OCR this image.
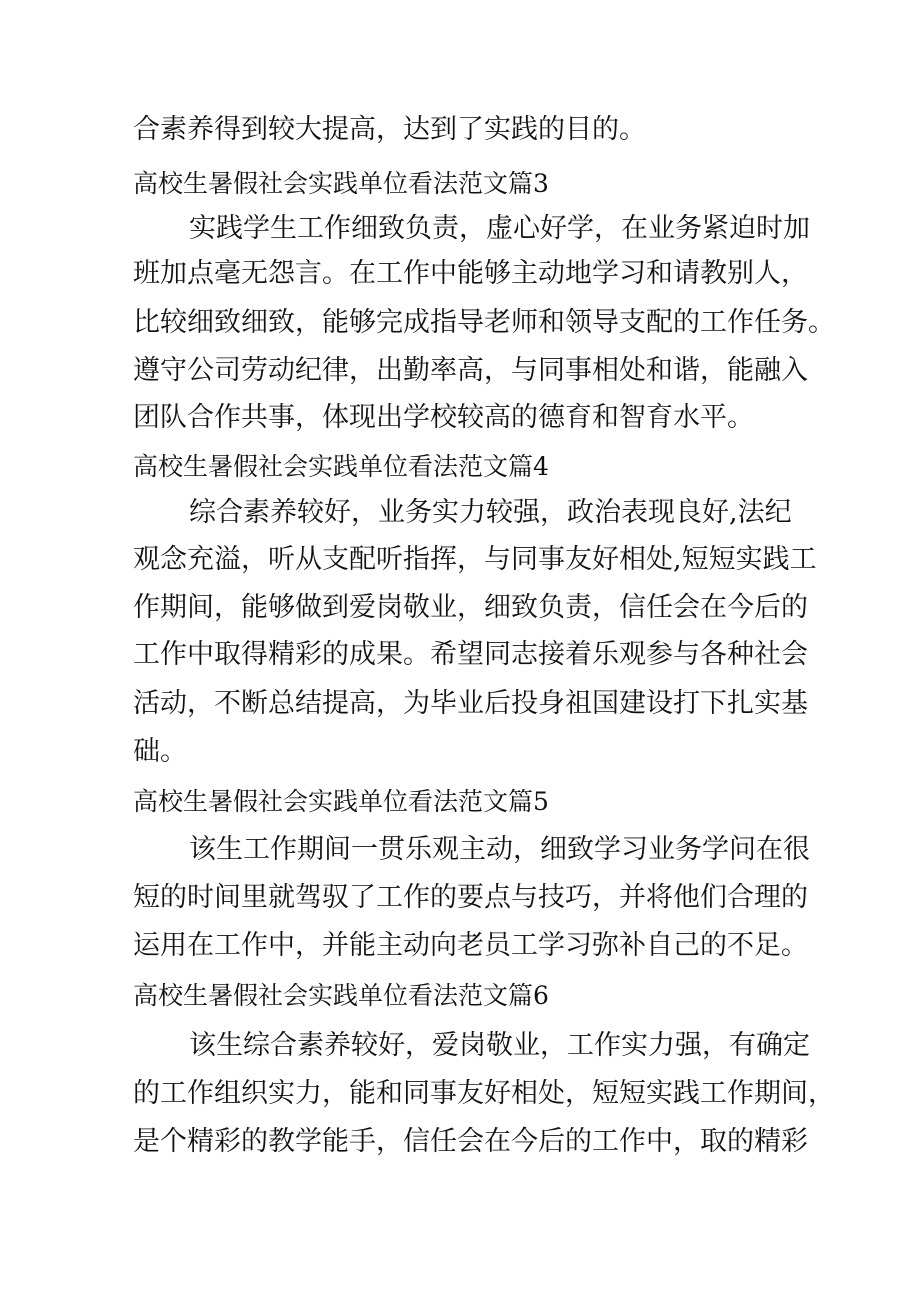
合素养得到较大提高，达到了实践的目的。
高校生暑假社会实践单位看法范文篇3
实践学生工作细致负责，虚心好学，在业务紧迫时加
班加点毫无怨言。在工作中能够主动地学习和请教别人，
比较细致细致，能够完成指导老师和领导支配的工作任务。
遵守公司劳动纪律，出勤率高，与同事相处和谐，能融入
团队合作共事，体现出学校较高的德育和智育水平。
高校生暑假社会实践单位看法范文篇4
综合素养较好，业务实力较强，政治表现良好,法纪
观念充溢，听从支配听指挥，与同事友好相处,短短实践工
作期间，能够做到爱岗敬业，细致负责，信任会在今后的
工作中取得精彩的成果。希望同志接着乐观参与各种社会
活动，不断总结提高，为毕业后投身祖国建设打下扎实基
础。
高校生暑假社会实践单位看法范文篇5
该生工作期间一贯乐观主动，细致学习业务学问在很
短的时间里就驾驭了工作的要点与技巧，并将他们合理的
运用在工作中，并能主动向老员工学习弥补自己的不足。
高校生暑假社会实践单位看法范文篇6
该生综合素养较好，爱岗敬业，工作实力强，有确定
的工作组织实力，能和同事友好相处，短短实践工作期间，
是个精彩的教学能手，信任会在今后的工作中，取的精彩
